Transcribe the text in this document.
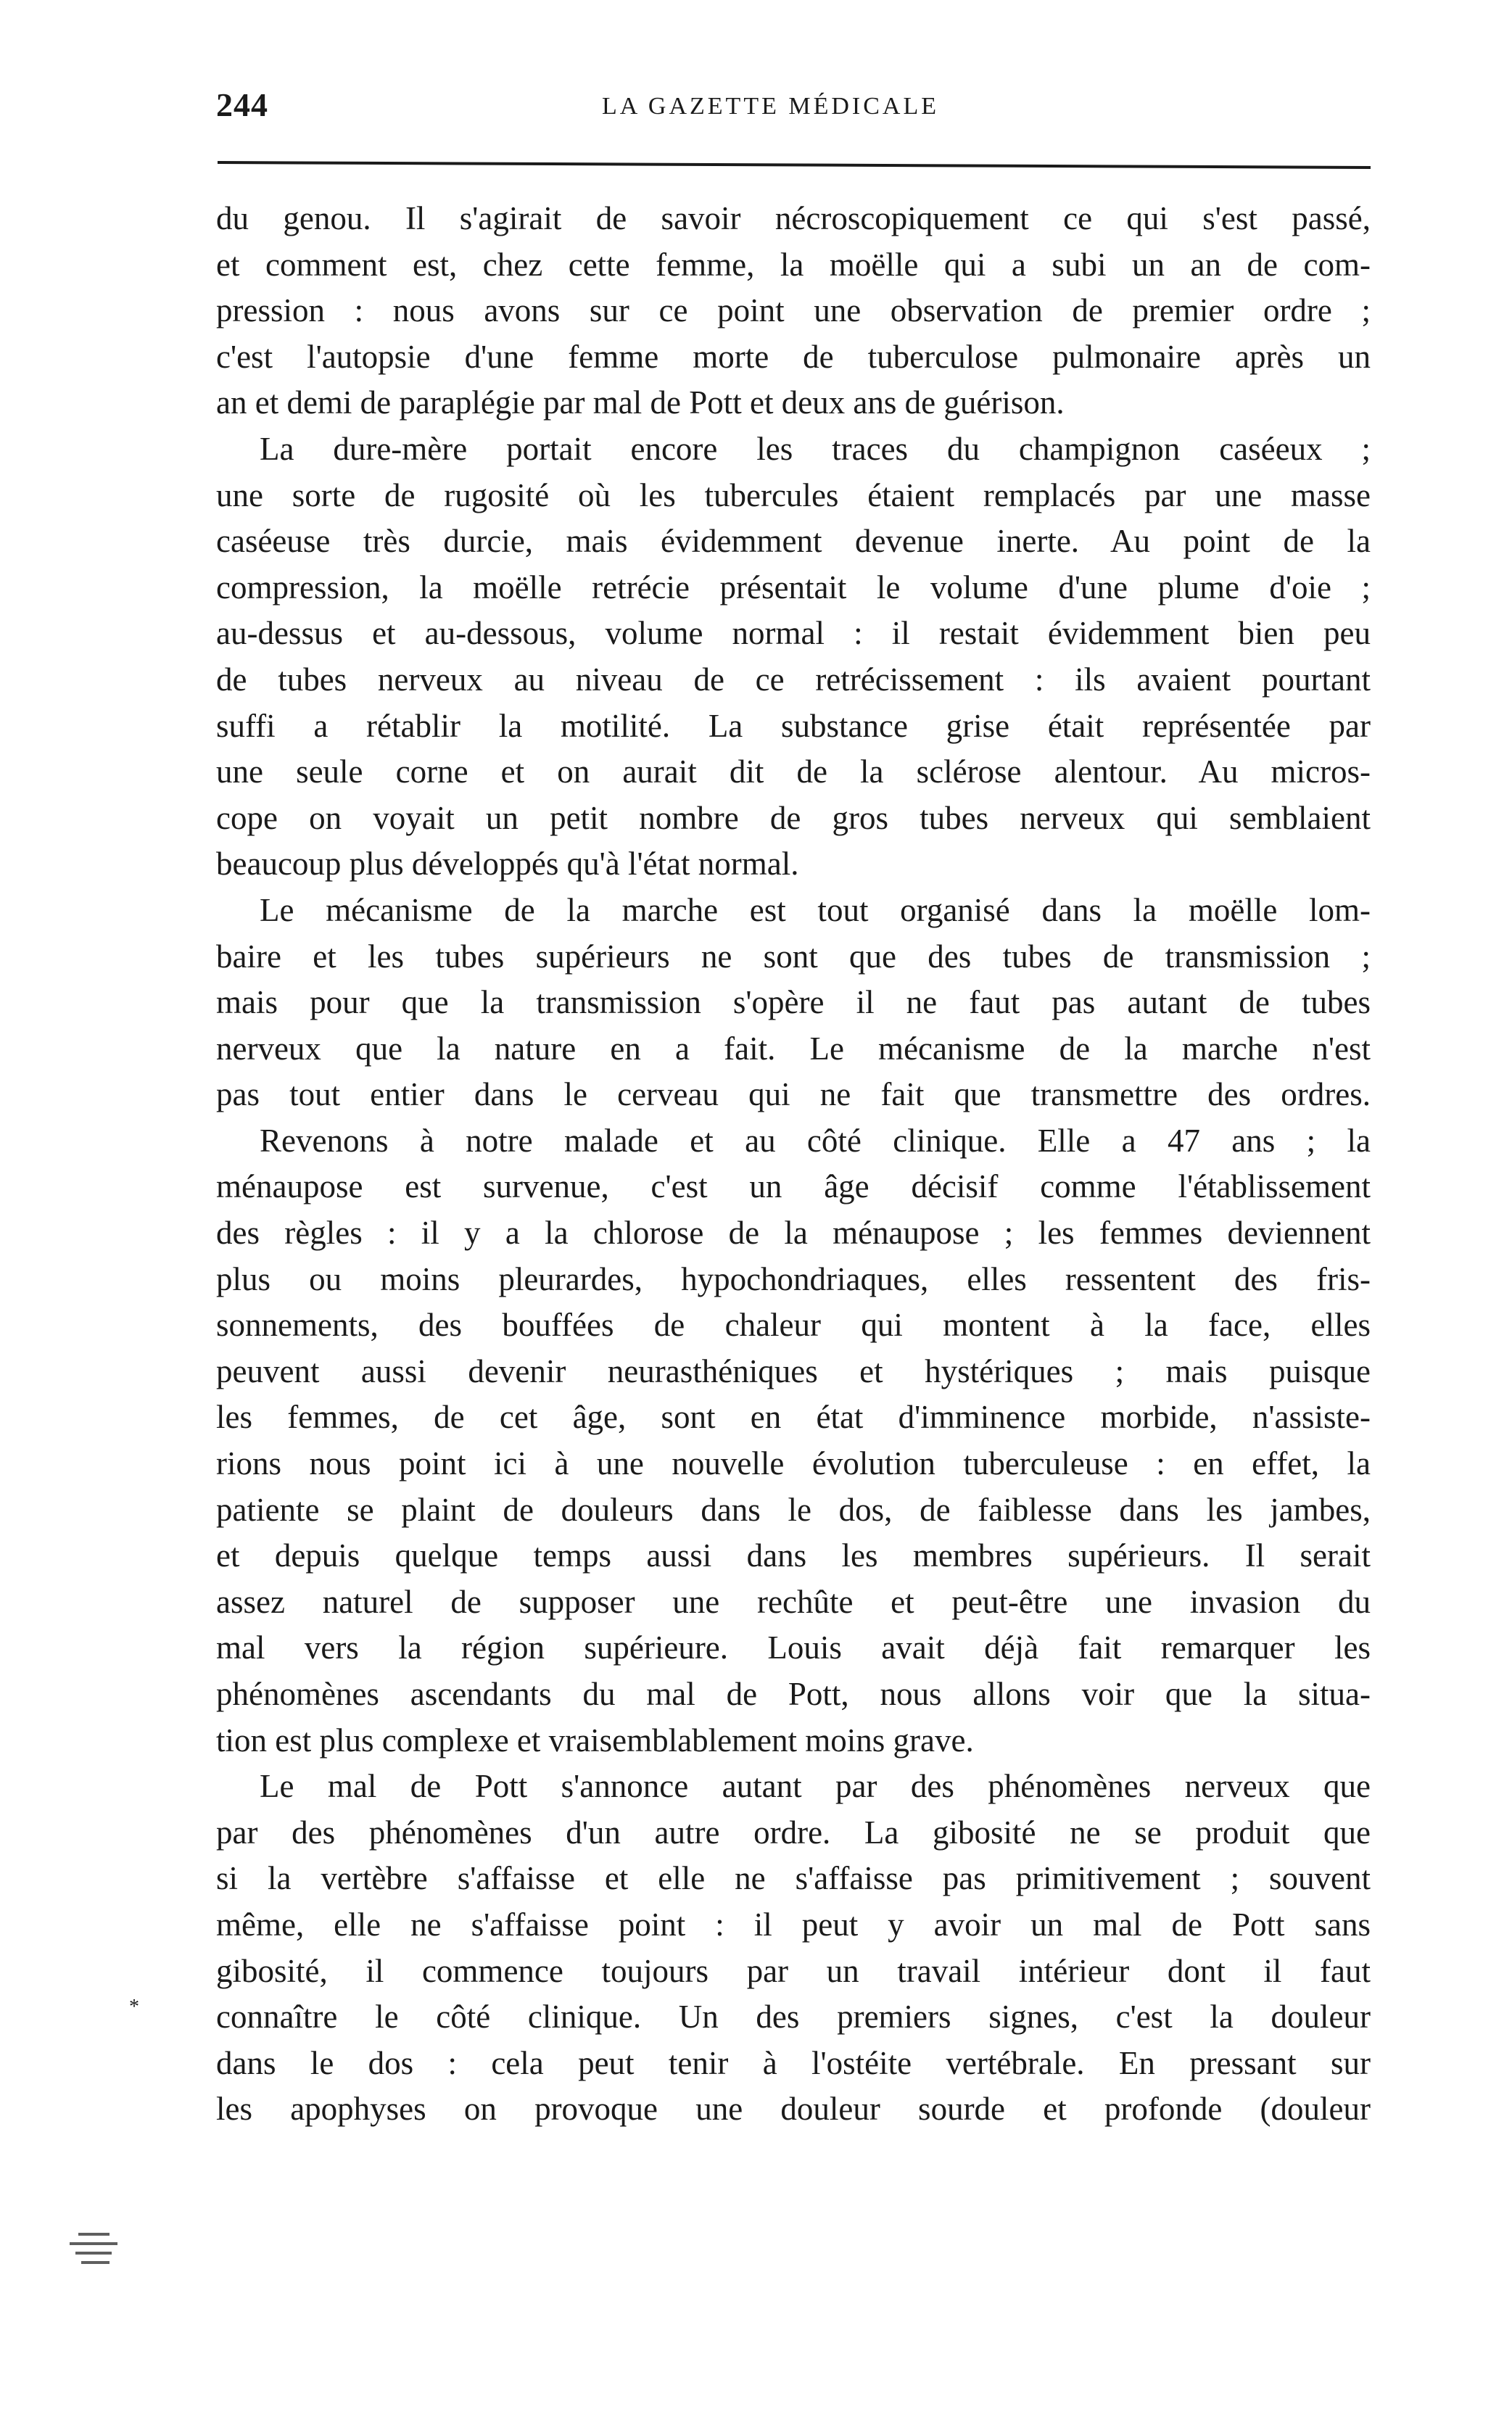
244	LA GAZETTE MÉDICALE
du genou. Il s'agirait de savoir nécroscopiquement ce qui s'est passé,
et comment est, chez cette femme, la moëlle qui a subi un an de com-
pression : nous avons sur ce point une observation de premier ordre ;
c'est l'autopsie d'une femme morte de tuberculose pulmonaire après un
an et demi de paraplégie par mal de Pott et deux ans de guérison.
La dure-mère portait encore les traces du champignon caséeux ;
une sorte de rugosité où les tubercules étaient remplacés par une masse
caséeuse très durcie, mais évidemment devenue inerte. Au point de la
compression, la moëlle retrécie présentait le volume d'une plume d'oie ;
au-dessus et au-dessous, volume normal : il restait évidemment bien peu
de tubes nerveux au niveau de ce retrécissement : ils avaient pourtant
suffi a rétablir la motilité. La substance grise était représentée par
une seule corne et on aurait dit de la sclérose alentour. Au micros-
cope on voyait un petit nombre de gros tubes nerveux qui semblaient
beaucoup plus développés qu'à l'état normal.
Le mécanisme de la marche est tout organisé dans la moëlle lom-
baire et les tubes supérieurs ne sont que des tubes de transmission ;
mais pour que la transmission s'opère il ne faut pas autant de tubes
nerveux que la nature en a fait. Le mécanisme de la marche n'est
pas tout entier dans le cerveau qui ne fait que transmettre des ordres.
Revenons à notre malade et au côté clinique. Elle a 47 ans ; la
ménaupose est survenue, c'est un âge décisif comme l'établissement
des règles : il y a la chlorose de la ménaupose ; les femmes deviennent
plus ou moins pleurardes, hypochondriaques, elles ressentent des fris-
sonnements, des bouffées de chaleur qui montent à la face, elles
peuvent aussi devenir neurasthéniques et hystériques ; mais puisque
les femmes, de cet âge, sont en état d'imminence morbide, n'assiste-
rions nous point ici à une nouvelle évolution tuberculeuse : en effet, la
patiente se plaint de douleurs dans le dos, de faiblesse dans les jambes,
et depuis quelque temps aussi dans les membres supérieurs. Il serait
assez naturel de supposer une rechûte et peut-être une invasion du
mal vers la région supérieure. Louis avait déjà fait remarquer les
phénomènes ascendants du mal de Pott, nous allons voir que la situa-
tion est plus complexe et vraisemblablement moins grave.
Le mal de Pott s'annonce autant par des phénomènes nerveux que
par des phénomènes d'un autre ordre. La gibosité ne se produit que
si la vertèbre s'affaisse et elle ne s'affaisse pas primitivement ; souvent
même, elle ne s'affaisse point : il peut y avoir un mal de Pott sans
gibosité, il commence toujours par un travail intérieur dont il faut
connaître le côté clinique. Un des premiers signes, c'est la douleur
dans le dos : cela peut tenir à l'ostéite vertébrale. En pressant sur
les apophyses on provoque une douleur sourde et profonde (douleur
*
